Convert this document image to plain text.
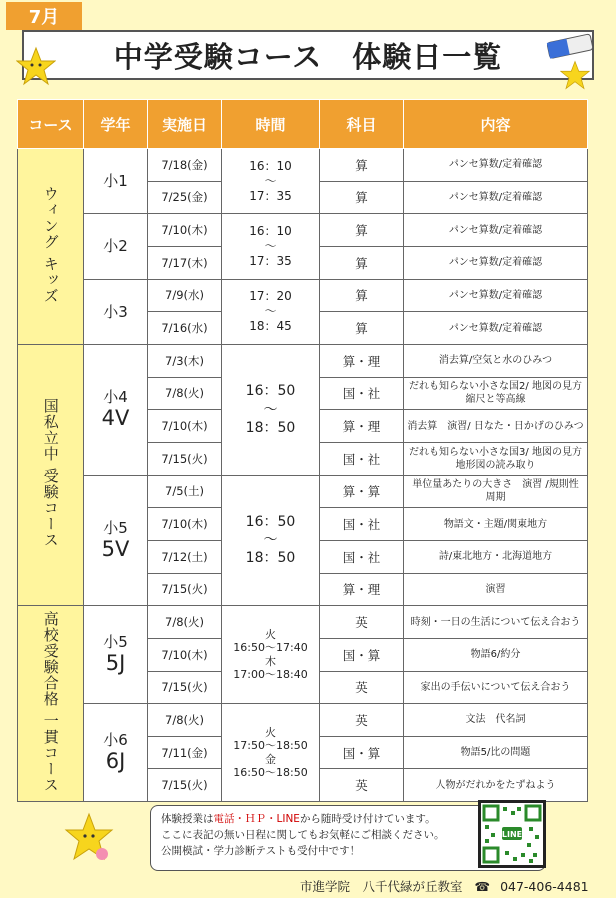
7月
中学受験コース　体験日一覧
コース	学年	実施日	時間	科目	内容
ウィング キッズ	小1	7/18(金)	16：10
〜
17：35	算	パンセ算数/定着確認
		7/25(金)		算	パンセ算数/定着確認
	小2	7/10(木)	16：10
〜
17：35	算	パンセ算数/定着確認
		7/17(木)		算	パンセ算数/定着確認
	小3	7/9(水)	17：20
〜
18：45	算	パンセ算数/定着確認
		7/16(水)		算	パンセ算数/定着確認
国私立中 受験コース	小4
4V	7/3(木)	16：50
〜
18：50	算・理	消去算/空気と水のひみつ
		7/8(火)		国・社	だれも知らない小さな国2/ 地図の見方　縮尺と等高線
		7/10(木)		算・理	消去算　演習/ 日なた・日かげのひみつ
		7/15(火)		国・社	だれも知らない小さな国3/ 地図の見方　地形図の読み取り
	小5
5V	7/5(土)	16：50
〜
18：50	算・算	単位量あたりの大きさ　演習 /規則性　周期
		7/10(木)		国・社	物語文・主題/関東地方
		7/12(土)		国・社	詩/東北地方・北海道地方
		7/15(火)		算・理	演習
高校受験合格 一貫コース	小5
5J	7/8(火)	火
16:50〜17:40
木
17:00〜18:40	英	時刻・一日の生活について伝え合おう
		7/10(木)		国・算	物語6/約分
		7/15(火)		英	家出の手伝いについて伝え合おう
	小6
6J	7/8(火)	火
17:50〜18:50
金
16:50〜18:50	英	文法　代名詞
		7/11(金)		国・算	物語5/比の問題
		7/15(火)		英	人物がだれかをたずねよう
体験授業は電話・ＨＰ・LINEから随時受け付けています。
ここに表記の無い日程に関してもお気軽にご相談ください。
公開模試・学力診断テストも受付中です！
LINE
市進学院　八千代緑が丘教室 ☎ 047-406-4481
